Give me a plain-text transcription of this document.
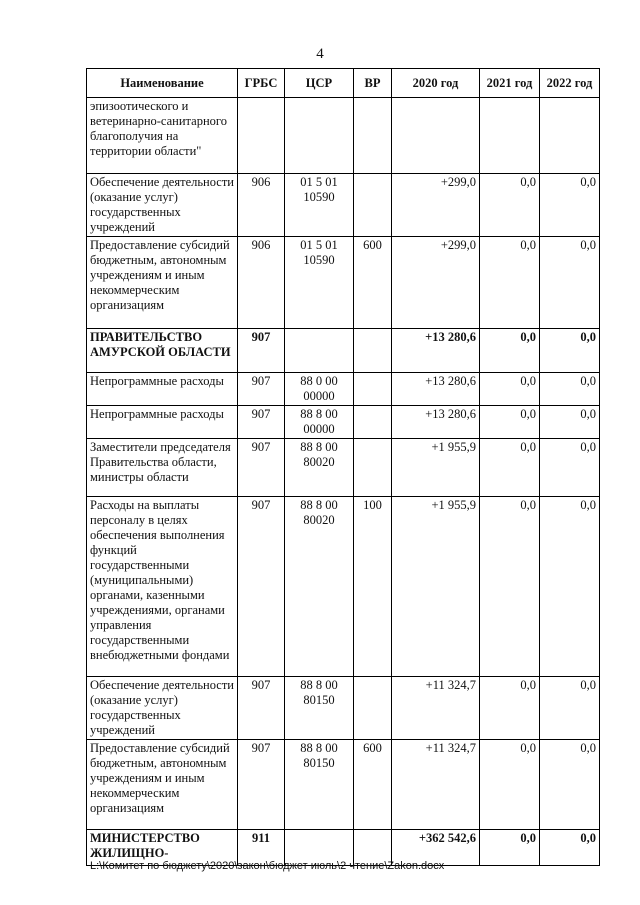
4
Наименование	ГРБС	ЦСР	ВР	2020 год	2021 год	2022 год
эпизоотического и ветеринарно-санитарного благополучия на территории области"						
Обеспечение деятельности (оказание услуг) государственных учреждений	906	01 5 01 10590		+299,0	0,0	0,0
Предоставление субсидий бюджетным, автономным учреждениям и иным некоммерческим организациям	906	01 5 01 10590	600	+299,0	0,0	0,0
ПРАВИТЕЛЬСТВО АМУРСКОЙ ОБЛАСТИ	907			+13 280,6	0,0	0,0
Непрограммные расходы	907	88 0 00 00000		+13 280,6	0,0	0,0
Непрограммные расходы	907	88 8 00 00000		+13 280,6	0,0	0,0
Заместители председателя Правительства области, министры области	907	88 8 00 80020		+1 955,9	0,0	0,0
Расходы на выплаты персоналу в целях обеспечения выполнения функций государственными (муниципальными) органами, казенными учреждениями, органами управления государственными внебюджетными фондами	907	88 8 00 80020	100	+1 955,9	0,0	0,0
Обеспечение деятельности (оказание услуг) государственных учреждений	907	88 8 00 80150		+11 324,7	0,0	0,0
Предоставление субсидий бюджетным, автономным учреждениям и иным некоммерческим организациям	907	88 8 00 80150	600	+11 324,7	0,0	0,0
МИНИСТЕРСТВО ЖИЛИЩНО-	911			+362 542,6	0,0	0,0
L:\Комитет по бюджету\2020\закон\бюджет июль\2 чтение\Zakon.docx
